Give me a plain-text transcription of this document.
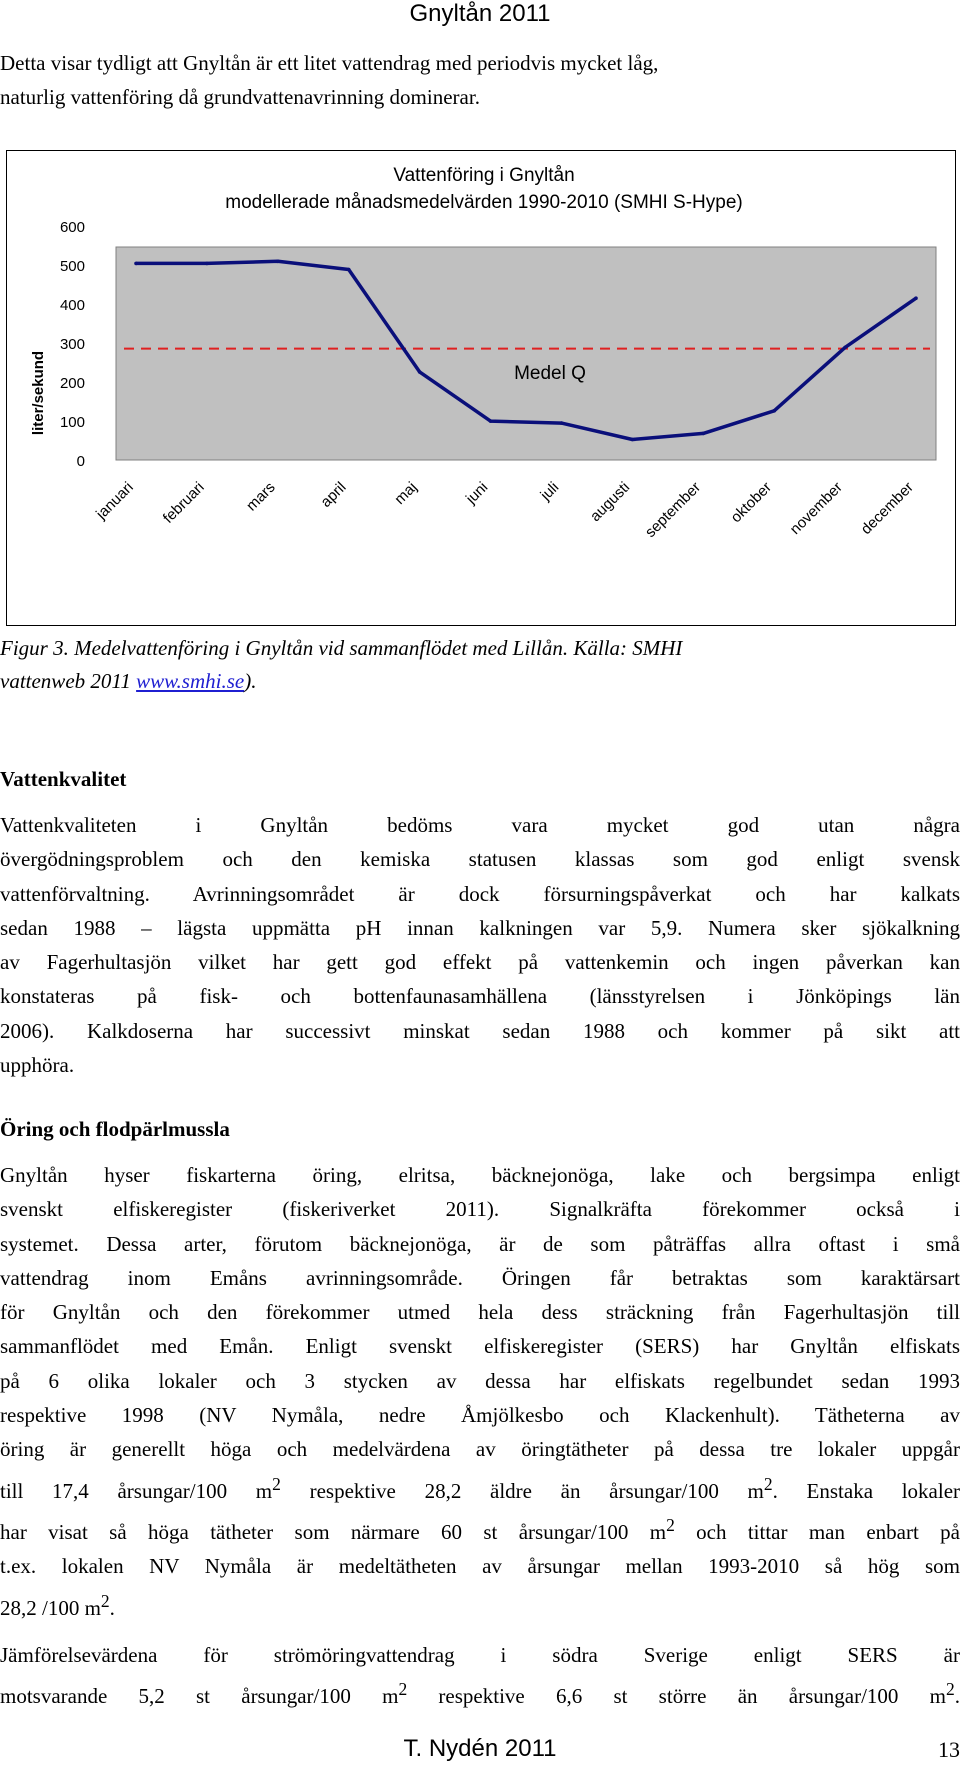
Gnyltån 2011

Detta visar tydligt att Gnyltån är ett litet vattendrag med periodvis mycket låg,
naturlig vattenföring då grundvattenavrinning dominerar.

Vattenföring i Gnyltån
modellerade månadsmedelvärden 1990-2010 (SMHI S-Hype)
liter/sekund
0
100
200
300
400
500
600
januari februari mars	april	maj	juni	juli augusti september oktober november december
Medel Q

Figur 3. Medelvattenföring i Gnyltån vid sammanflödet med Lillån. Källa: SMHI
vattenweb 2011 www.smhi.se).

Vattenkvalitet

Vattenkvaliteten i Gnyltån bedöms vara mycket god utan några
övergödningsproblem och den kemiska statusen klassas som god enligt svensk
vattenförvaltning. Avrinningsområdet är dock försurningspåverkat och har kalkats
sedan 1988 – lägsta uppmätta pH innan kalkningen var 5,9. Numera sker sjökalkning
av Fagerhultasjön vilket har gett god effekt på vattenkemin och ingen påverkan kan
konstateras på fisk- och bottenfaunasamhällena (länsstyrelsen i Jönköpings län
2006). Kalkdoserna har successivt minskat sedan 1988 och kommer på sikt att
upphöra.

Öring och flodpärlmussla

Gnyltån hyser fiskarterna öring, elritsa, bäcknejonöga, lake och bergsimpa enligt
svenskt elfiskeregister (fiskeriverket 2011). Signalkräfta förekommer också i
systemet. Dessa arter, förutom bäcknejonöga, är de som påträffas allra oftast i små
vattendrag inom Emåns avrinningsområde. Öringen får betraktas som karaktärsart
för Gnyltån och den förekommer utmed hela dess sträckning från Fagerhultasjön till
sammanflödet med Emån. Enligt svenskt elfiskeregister (SERS) har Gnyltån elfiskats
på 6 olika lokaler och 3 stycken av dessa har elfiskats regelbundet sedan 1993
respektive 1998 (NV Nymåla, nedre Åmjölkesbo och Klackenhult). Tätheterna av
öring är generellt höga och medelvärdena av öringtätheter på dessa tre lokaler uppgår
till 17,4 årsungar/100 $m^2$ respektive 28,2 äldre än årsungar/100 $m^2$. Enstaka lokaler
har visat så höga tätheter som närmare 60 st årsungar/100 $m^2$ och tittar man enbart på
t.ex. lokalen NV Nymåla är medeltätheten av årsungar mellan 1993-2010 så hög som
28,2 /100 $m^2$.

Jämförelsevärdena för strömöringvattendrag i södra Sverige enligt SERS är
motsvarande 5,2 st årsungar/100 $m^2$ respektive 6,6 st större än årsungar/100 $m^2$.

T. Nydén 2011	13
